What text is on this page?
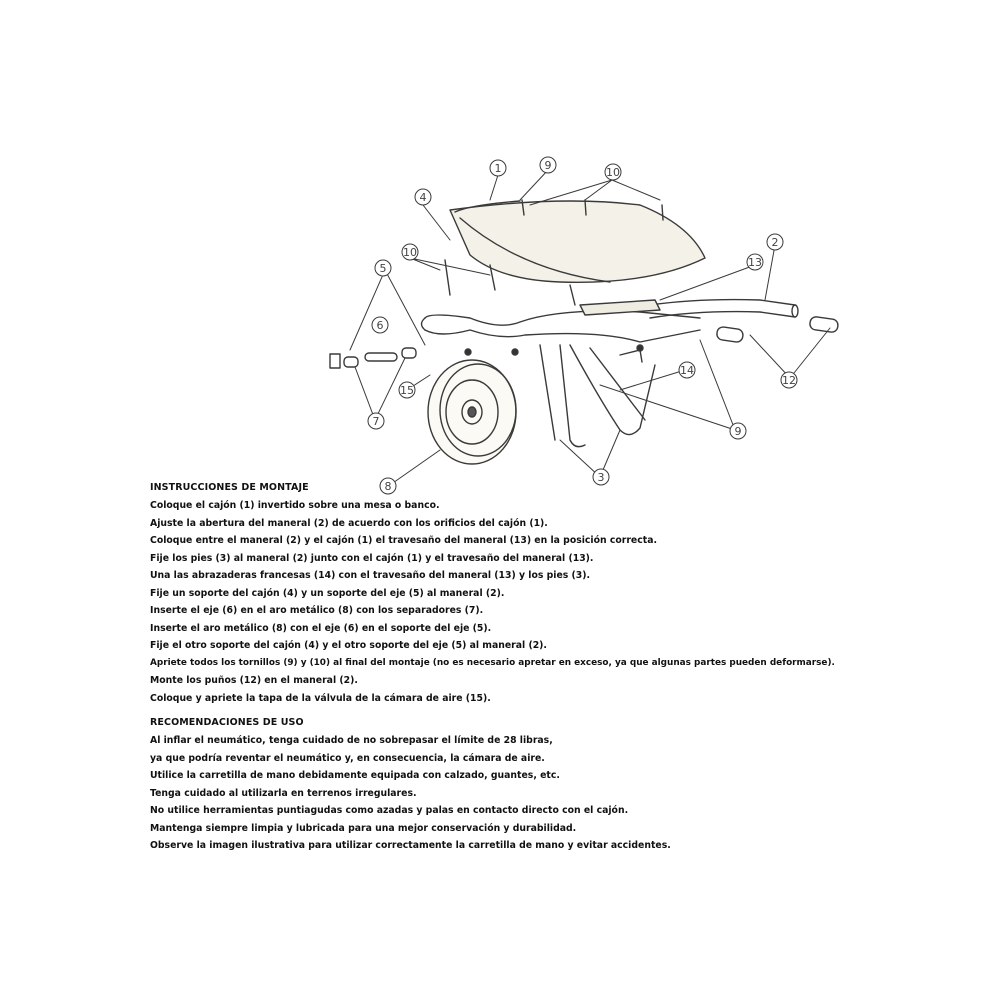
1	9
10
4
10
5
6
2
13
14
12
15
7
9
3
8

INSTRUCCIONES DE MONTAJE

Coloque el cajón (1) invertido sobre una mesa o banco.

Ajuste la abertura del maneral (2) de acuerdo con los orificios del cajón (1).

Coloque entre el maneral (2) y el cajón (1) el travesaño del maneral (13) en la posición correcta.

Fije los pies (3) al maneral (2) junto con el cajón (1) y el travesaño del maneral (13).

Una las abrazaderas francesas (14) con el travesaño del maneral (13) y los pies (3).

Fije un soporte del cajón (4) y un soporte del eje (5) al maneral (2).

Inserte el eje (6) en el aro metálico (8) con los separadores (7).

Inserte el aro metálico (8) con el eje (6) en el soporte del eje (5).

Fije el otro soporte del cajón (4) y el otro soporte del eje (5) al maneral (2).

Apriete todos los tornillos (9) y (10) al final del montaje (no es necesario apretar en exceso, ya que algunas partes pueden deformarse).

Monte los puños (12) en el maneral (2).

Coloque y apriete la tapa de la válvula de la cámara de aire (15).

RECOMENDACIONES DE USO

Al inflar el neumático, tenga cuidado de no sobrepasar el límite de 28 libras,

ya que podría reventar el neumático y, en consecuencia, la cámara de aire.

Utilice la carretilla de mano debidamente equipada con calzado, guantes, etc.

Tenga cuidado al utilizarla en terrenos irregulares.

No utilice herramientas puntiagudas como azadas y palas en contacto directo con el cajón.

Mantenga siempre limpia y lubricada para una mejor conservación y durabilidad.

Observe la imagen ilustrativa para utilizar correctamente la carretilla de mano y evitar accidentes.
